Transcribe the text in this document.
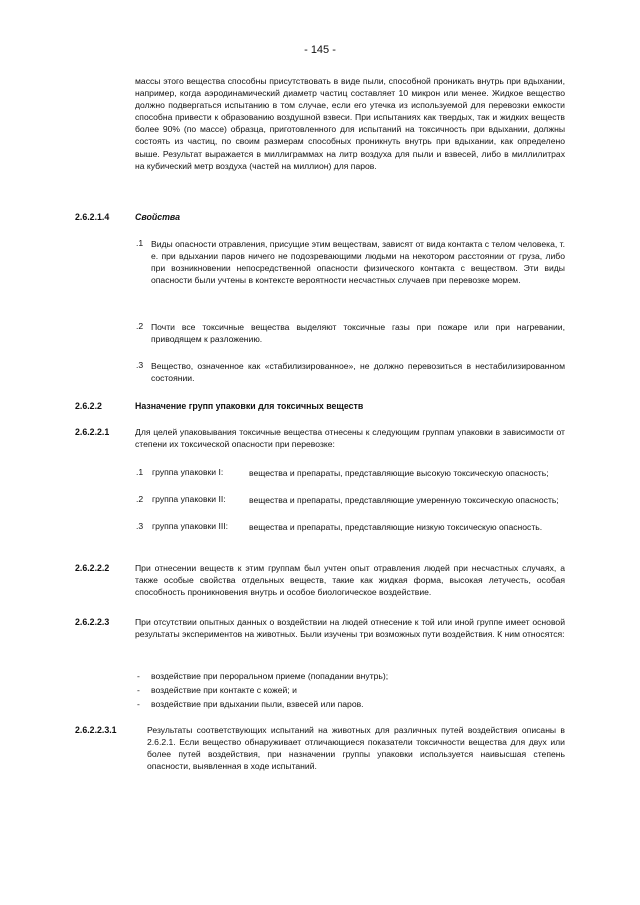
- 145 -
массы этого вещества способны присутствовать в виде пыли, способной проникать внутрь при вдыхании, например, когда аэродинамический диаметр частиц составляет 10 микрон или менее. Жидкое вещество должно подвергаться испытанию в том случае, если его утечка из используемой для перевозки емкости способна привести к образованию воздушной взвеси. При испытаниях как твердых, так и жидких веществ более 90% (по массе) образца, приготовленного для испытаний на токсичность при вдыхании, должны состоять из частиц, по своим размерам способных проникнуть внутрь при вдыхании, как определено выше. Результат выражается в миллиграммах на литр воздуха для пыли и взвесей, либо в миллилитрах на кубический метр воздуха (частей на миллион) для паров.
2.6.2.1.4	Свойства
.1 Виды опасности отравления, присущие этим веществам, зависят от вида контакта с телом человека, т. е. при вдыхании паров ничего не подозревающими людьми на некотором расстоянии от груза, либо при возникновении непосредственной опасности физического контакта с веществом. Эти виды опасности были учтены в контексте вероятности несчастных случаев при перевозке морем.
.2 Почти все токсичные вещества выделяют токсичные газы при пожаре или при нагревании, приводящем к разложению.
.3 Вещество, означенное как «стабилизированное», не должно перевозиться в нестабилизированном состоянии.
2.6.2.2	Назначение групп упаковки для токсичных веществ
2.6.2.2.1	Для целей упаковывания токсичные вещества отнесены к следующим группам упаковки в зависимости от степени их токсической опасности при перевозке:
.1 группа упаковки I:	вещества и препараты, представляющие высокую токсическую опасность;
.2 группа упаковки II:	вещества и препараты, представляющие умеренную токсическую опасность;
.3 группа упаковки III: вещества и препараты, представляющие низкую токсическую опасность.
2.6.2.2.2	При отнесении веществ к этим группам был учтен опыт отравления людей при несчастных случаях, а также особые свойства отдельных веществ, такие как жидкая форма, высокая летучесть, особая способность проникновения внутрь и особое биологическое воздействие.
2.6.2.2.3	При отсутствии опытных данных о воздействии на людей отнесение к той или иной группе имеет основой результаты экспериментов на животных. Были изучены три возможных пути воздействия. К ним относятся:
- воздействие при пероральном приеме (попадании внутрь);
- воздействие при контакте с кожей; и
- воздействие при вдыхании пыли, взвесей или паров.
2.6.2.2.3.1	Результаты соответствующих испытаний на животных для различных путей воздействия описаны в 2.6.2.1. Если вещество обнаруживает отличающиеся показатели токсичности вещества для двух или более путей воздействия, при назначении группы упаковки используется наивысшая степень опасности, выявленная в ходе испытаний.
